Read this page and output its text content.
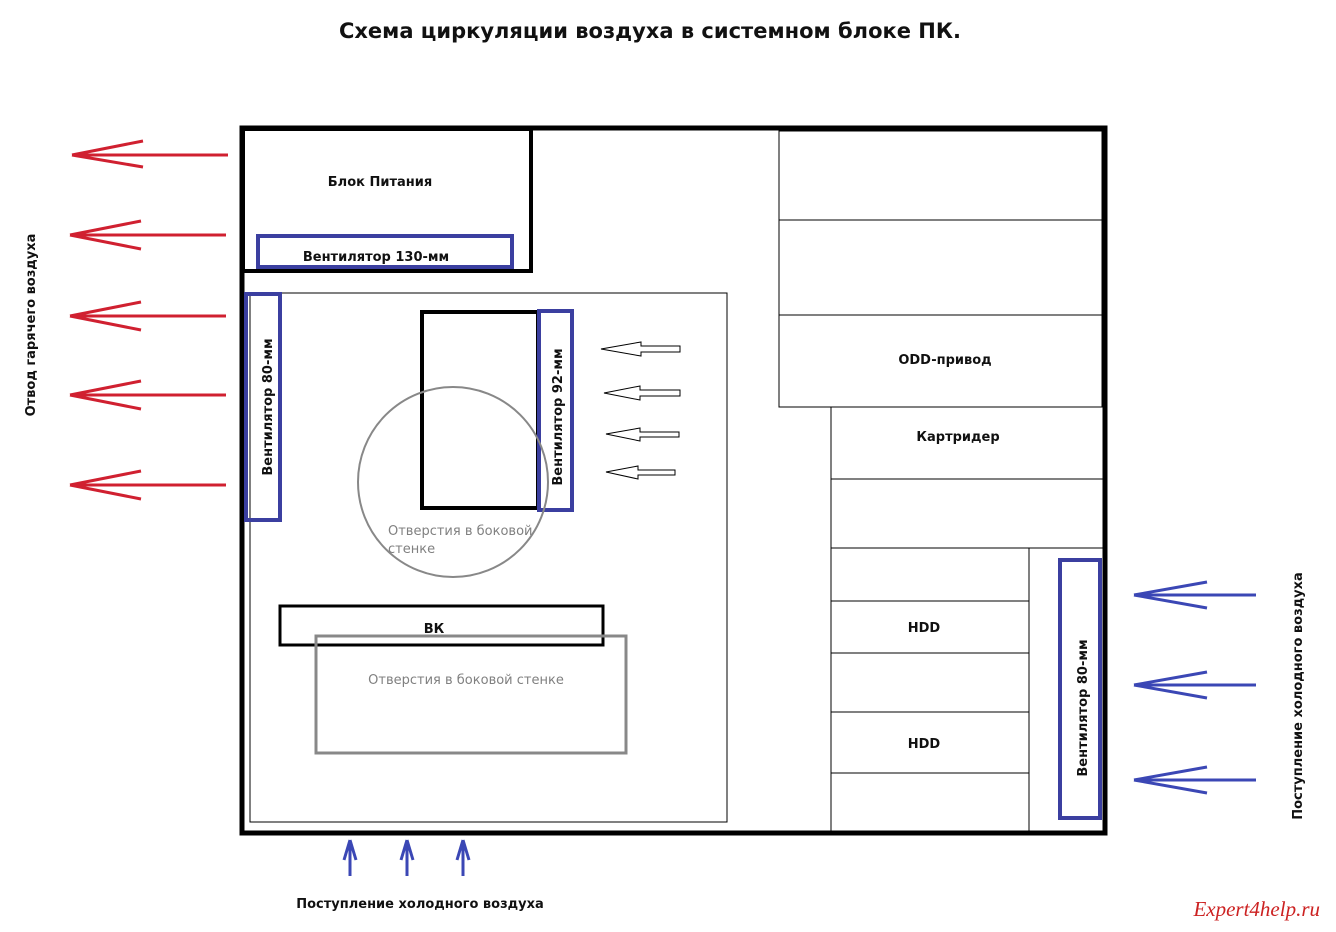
Схема циркуляции воздуха в системном блоке ПК.
Блок Питания
Вентилятор 130-мм
Вентилятор 80-мм	Вентилятор 92-мм
Отверстия в боковой
стенке
ВК
Отверстия в боковой стенке
ODD-привод
Картридер
HDD
HDD	Вентилятор 80-мм
Отвод гарячего воздуха
Поступление холодного воздуха
Поступление холодного воздуха	Expert4help.ru
